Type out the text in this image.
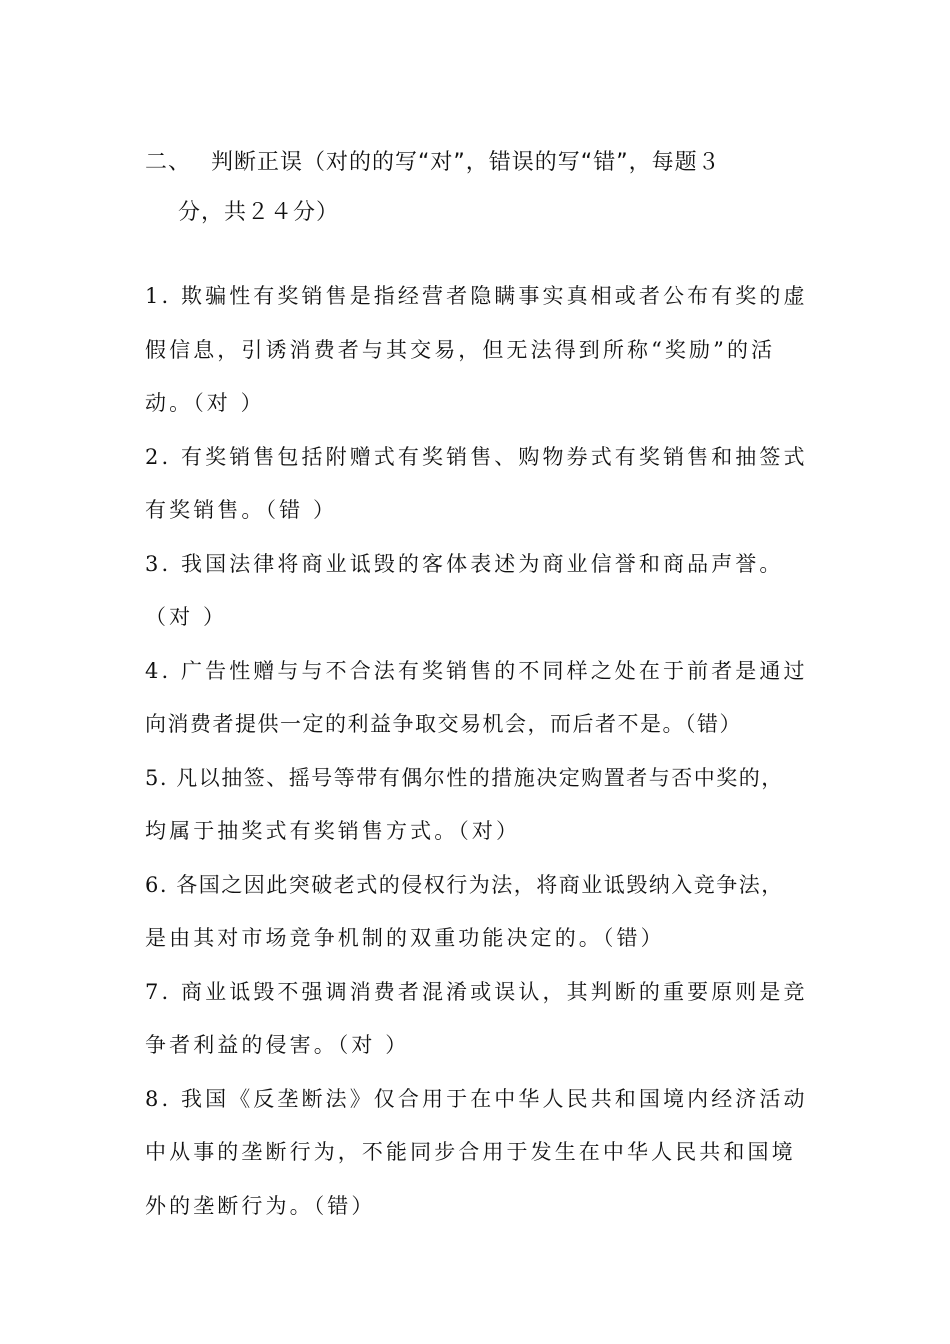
二、 判断正误（对的的写“对”，错误的写“错”，每题３
分，共２４分）
1. 欺骗性有奖销售是指经营者隐瞒事实真相或者公布有奖的虚
假信息，引诱消费者与其交易，但无法得到所称“奖励”的活
动。（对 ）
2. 有奖销售包括附赠式有奖销售、购物券式有奖销售和抽签式
有奖销售。（错 ）
3. 我国法律将商业诋毁的客体表述为商业信誉和商品声誉。
（对 ）
4. 广告性赠与与不合法有奖销售的不同样之处在于前者是通过
向消费者提供一定的利益争取交易机会，而后者不是。（错）
5. 凡以抽签、摇号等带有偶尔性的措施决定购置者与否中奖的，
均属于抽奖式有奖销售方式。（对）
6. 各国之因此突破老式的侵权行为法，将商业诋毁纳入竞争法，
是由其对市场竞争机制的双重功能决定的。（错）
7. 商业诋毁不强调消费者混淆或误认，其判断的重要原则是竞
争者利益的侵害。（对 ）
8. 我国《反垄断法》仅合用于在中华人民共和国境内经济活动
中从事的垄断行为，不能同步合用于发生在中华人民共和国境
外的垄断行为。（错）
